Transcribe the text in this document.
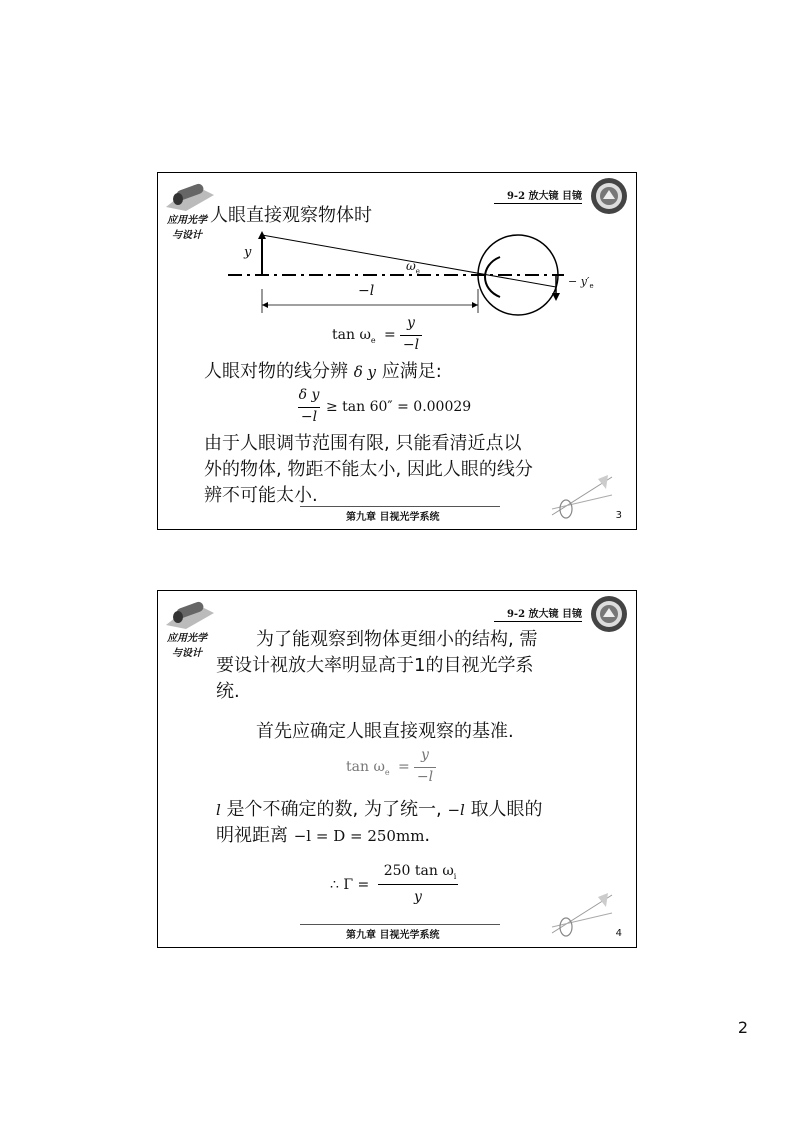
应用光学
与设计
9-2 放大镜 目镜
人眼直接观察物体时
y
$\omega_e$
−l
− $y'_e$
$\tan \omega_e$ =
y
−l
人眼对物的线分辨 δ y 应满足:
δ y
−l
≥ tan 60″ = 0.00029
由于人眼调节范围有限, 只能看清近点以
外的物体, 物距不能太小, 因此人眼的线分
辨不可能太小.
第九章 目视光学系统	3
应用光学
与设计
9-2 放大镜 目镜
为了能观察到物体更细小的结构, 需
要设计视放大率明显高于1的目视光学系
统.
首先应确定人眼直接观察的基准.
$\tan \omega_e$ =
y
−l
l 是个不确定的数, 为了统一, −l 取人眼的
明视距离 −l = D = 250mm.
∴ Γ =
250 $\tan \omega_i$
y
第九章 目视光学系统	4
2
